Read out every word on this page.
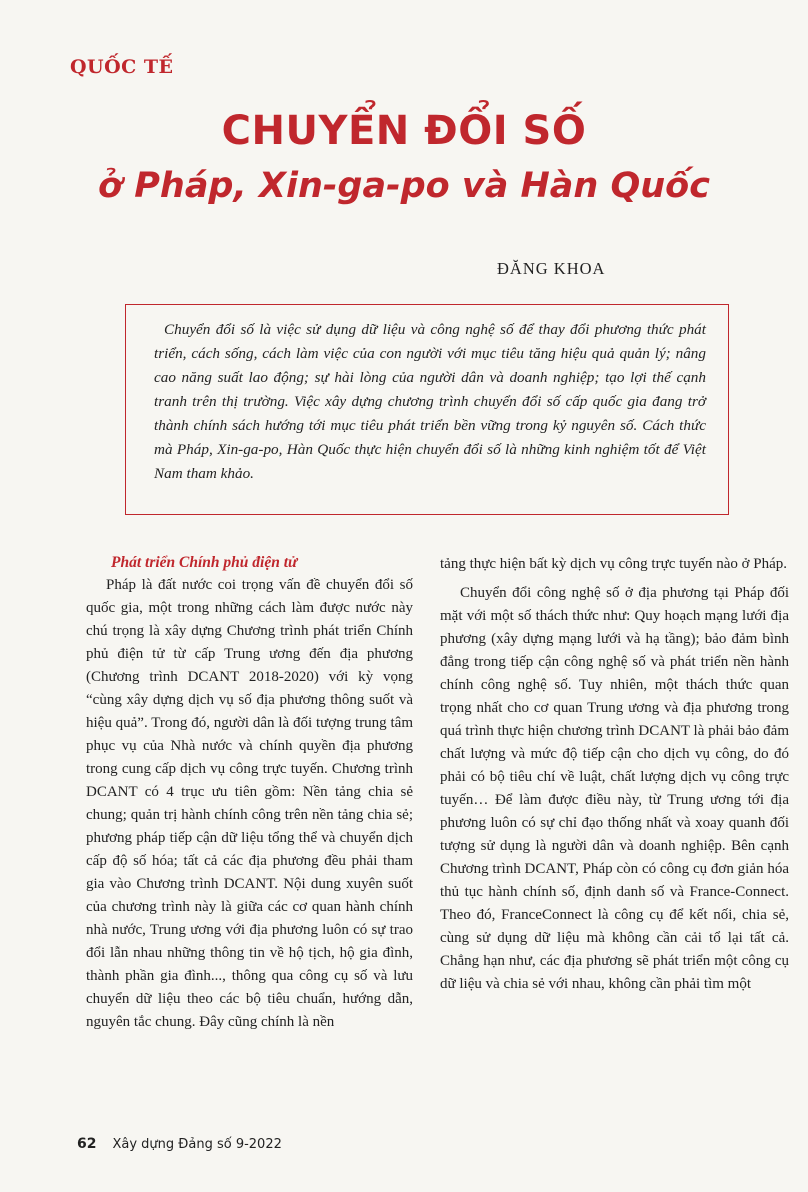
QUỐC TẾ
CHUYỂN ĐỔI SỐ
ở Pháp, Xin-ga-po và Hàn Quốc
ĐĂNG KHOA

Chuyển đổi số là việc sử dụng dữ liệu và công nghệ số để thay đổi phương thức phát triển, cách sống, cách làm việc của con người với mục tiêu tăng hiệu quả quản lý; nâng cao năng suất lao động; sự hài lòng của người dân và doanh nghiệp; tạo lợi thế cạnh tranh trên thị trường. Việc xây dựng chương trình chuyển đổi số cấp quốc gia đang trở thành chính sách hướng tới mục tiêu phát triển bền vững trong kỷ nguyên số. Cách thức mà Pháp, Xin-ga-po, Hàn Quốc thực hiện chuyển đổi số là những kinh nghiệm tốt để Việt Nam tham khảo.

Phát triển Chính phủ điện tử

Pháp là đất nước coi trọng vấn đề chuyển đổi số quốc gia, một trong những cách làm được nước này chú trọng là xây dựng Chương trình phát triển Chính phủ điện tử từ cấp Trung ương đến địa phương (Chương trình DCANT 2018-2020) với kỳ vọng “cùng xây dựng dịch vụ số địa phương thông suốt và hiệu quả”. Trong đó, người dân là đối tượng trung tâm phục vụ của Nhà nước và chính quyền địa phương trong cung cấp dịch vụ công trực tuyến. Chương trình DCANT có 4 trục ưu tiên gồm: Nền tảng chia sẻ chung; quản trị hành chính công trên nền tảng chia sẻ; phương pháp tiếp cận dữ liệu tổng thể và chuyển dịch cấp độ số hóa; tất cả các địa phương đều phải tham gia vào Chương trình DCANT. Nội dung xuyên suốt của chương trình này là giữa các cơ quan hành chính nhà nước, Trung ương với địa phương luôn có sự trao đổi lẫn nhau những thông tin về hộ tịch, hộ gia đình, thành phần gia đình..., thông qua công cụ số và lưu chuyển dữ liệu theo các bộ tiêu chuẩn, hướng dẫn, nguyên tắc chung. Đây cũng chính là nền

tảng thực hiện bất kỳ dịch vụ công trực tuyến nào ở Pháp.

Chuyển đổi công nghệ số ở địa phương tại Pháp đối mặt với một số thách thức như: Quy hoạch mạng lưới địa phương (xây dựng mạng lưới và hạ tầng); bảo đảm bình đẳng trong tiếp cận công nghệ số và phát triển nền hành chính công nghệ số. Tuy nhiên, một thách thức quan trọng nhất cho cơ quan Trung ương và địa phương trong quá trình thực hiện chương trình DCANT là phải bảo đảm chất lượng và mức độ tiếp cận cho dịch vụ công, do đó phải có bộ tiêu chí về luật, chất lượng dịch vụ công trực tuyến… Để làm được điều này, từ Trung ương tới địa phương luôn có sự chỉ đạo thống nhất và xoay quanh đối tượng sử dụng là người dân và doanh nghiệp. Bên cạnh Chương trình DCANT, Pháp còn có công cụ đơn giản hóa thủ tục hành chính số, định danh số và France-Connect. Theo đó, FranceConnect là công cụ để kết nối, chia sẻ, cùng sử dụng dữ liệu mà không cần cải tổ lại tất cả. Chẳng hạn như, các địa phương sẽ phát triển một công cụ dữ liệu và chia sẻ với nhau, không cần phải tìm một

62 Xây dựng Đảng số 9-2022
